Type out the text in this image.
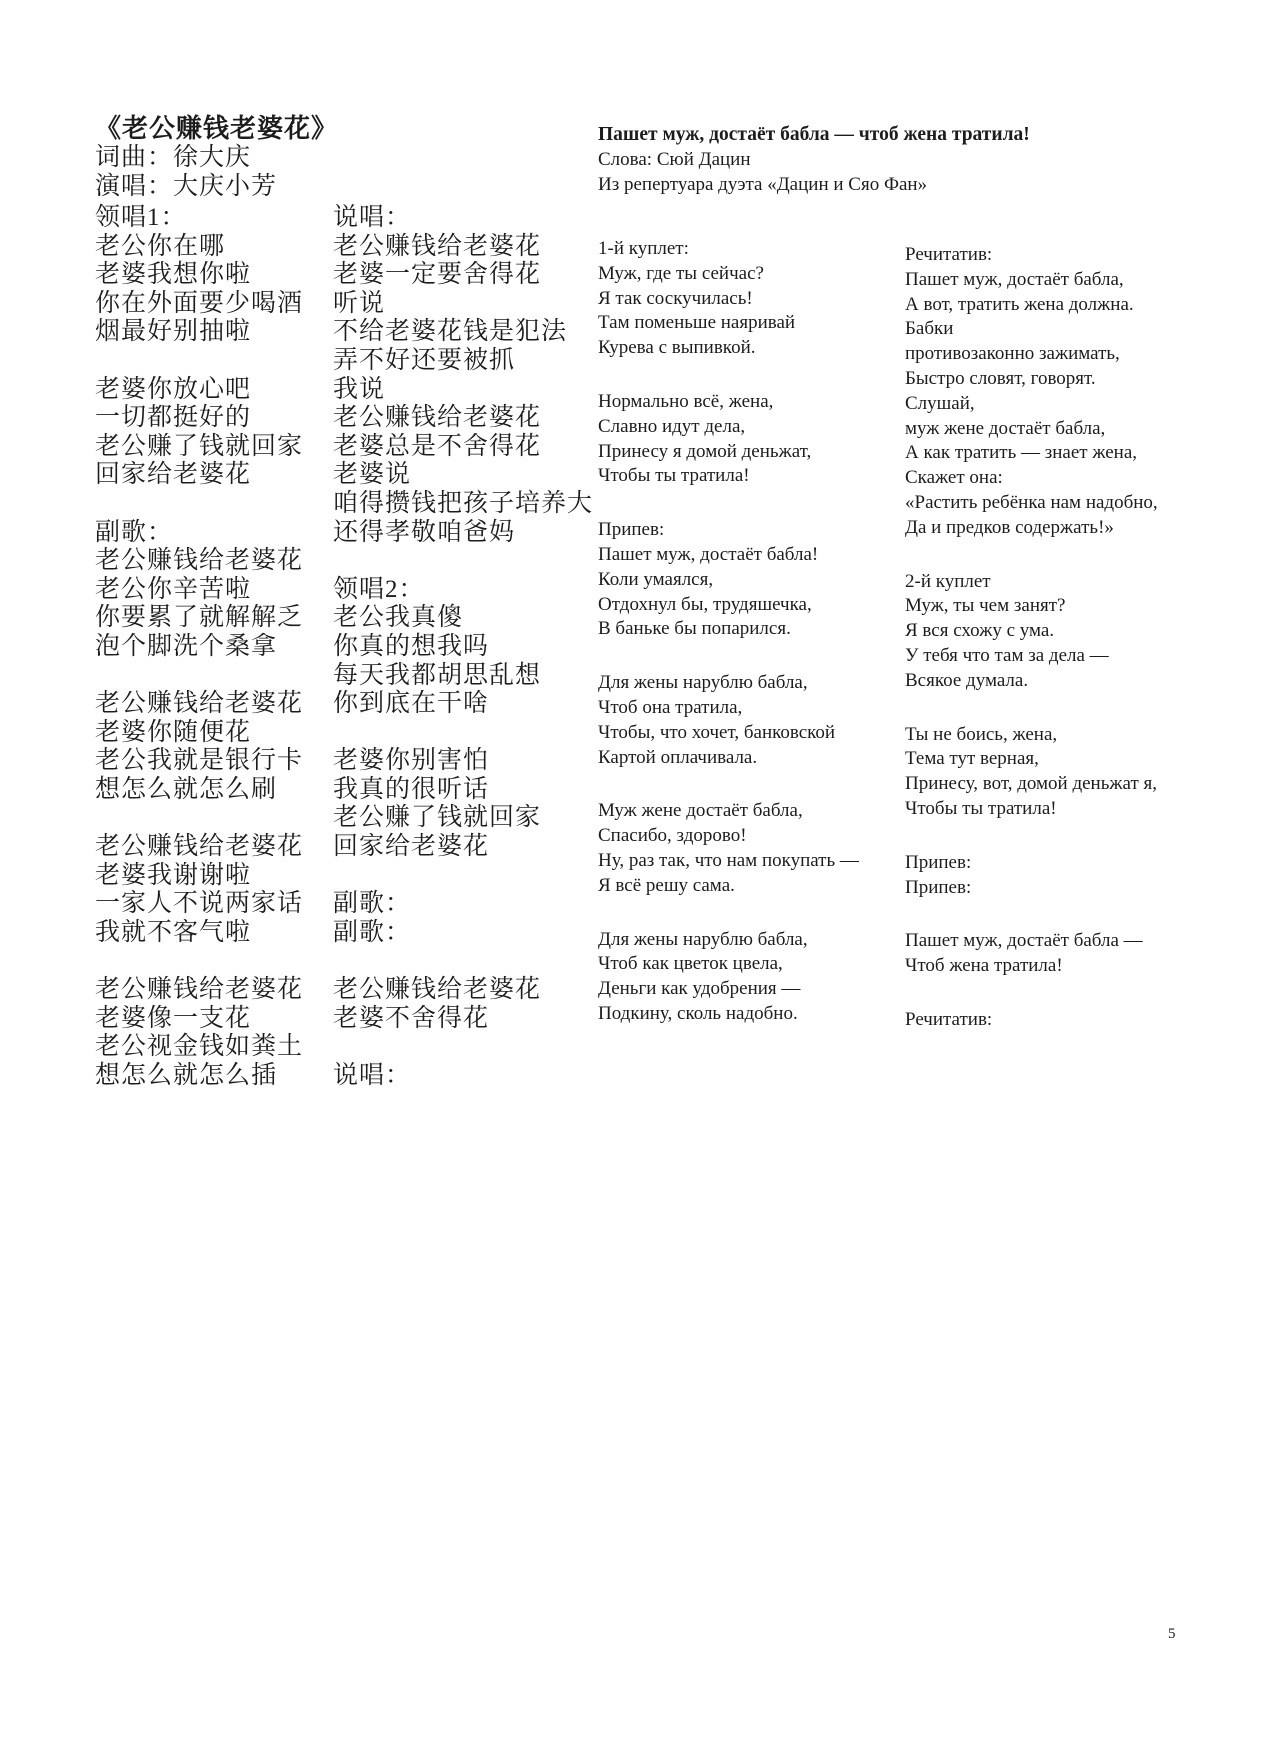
《老公赚钱老婆花》
词曲：徐大庆
演唱：大庆小芳
Пашет муж, достаёт бабла — чтоб жена тратила!
Слова: Сюй Дацин
Из репертуара дуэта «Дацин и Сяо Фан»
领唱1：
老公你在哪
老婆我想你啦
你在外面要少喝酒
烟最好别抽啦
老婆你放心吧
一切都挺好的
老公赚了钱就回家
回家给老婆花
副歌：
老公赚钱给老婆花
老公你辛苦啦
你要累了就解解乏
泡个脚洗个桑拿
老公赚钱给老婆花
老婆你随便花
老公我就是银行卡
想怎么就怎么刷
老公赚钱给老婆花
老婆我谢谢啦
一家人不说两家话
我就不客气啦
老公赚钱给老婆花
老婆像一支花
老公视金钱如粪土
想怎么就怎么插
说唱：
老公赚钱给老婆花
老婆一定要舍得花
听说
不给老婆花钱是犯法
弄不好还要被抓
我说
老公赚钱给老婆花
老婆总是不舍得花
老婆说
咱得攒钱把孩子培养大
还得孝敬咱爸妈
领唱2：
老公我真傻
你真的想我吗
每天我都胡思乱想
你到底在干啥
老婆你别害怕
我真的很听话
老公赚了钱就回家
回家给老婆花
副歌：
副歌：
老公赚钱给老婆花
老婆不舍得花
说唱：
1-й куплет:
Муж, где ты сейчас?
Я так соскучилась!
Там поменьше наяривай
Курева с выпивкой.
Нормально всё, жена,
Славно идут дела,
Принесу я домой деньжат,
Чтобы ты тратила!
Припев:
Пашет муж, достаёт бабла!
Коли умаялся,
Отдохнул бы, трудяшечка,
В баньке бы попарился.
Для жены нарублю бабла,
Чтоб она тратила,
Чтобы, что хочет, банковской
Картой оплачивала.
Муж жене достаёт бабла,
Спасибо, здорово!
Ну, раз так, что нам покупать —
Я всё решу сама.
Для жены нарублю бабла,
Чтоб как цветок цвела,
Деньги как удобрения —
Подкину, сколь надобно.
Речитатив:
Пашет муж, достаёт бабла,
А вот, тратить жена должна.
Бабки
противозаконно зажимать,
Быстро словят, говорят.
Слушай,
муж жене достаёт бабла,
А как тратить — знает жена,
Скажет она:
«Растить ребёнка нам надобно,
Да и предков содержать!»
2-й куплет
Муж, ты чем занят?
Я вся схожу с ума.
У тебя что там за дела —
Всякое думала.
Ты не боись, жена,
Тема тут верная,
Принесу, вот, домой деньжат я,
Чтобы ты тратила!
Припев:
Припев:
Пашет муж, достаёт бабла —
Чтоб жена тратила!
Речитатив:
5
